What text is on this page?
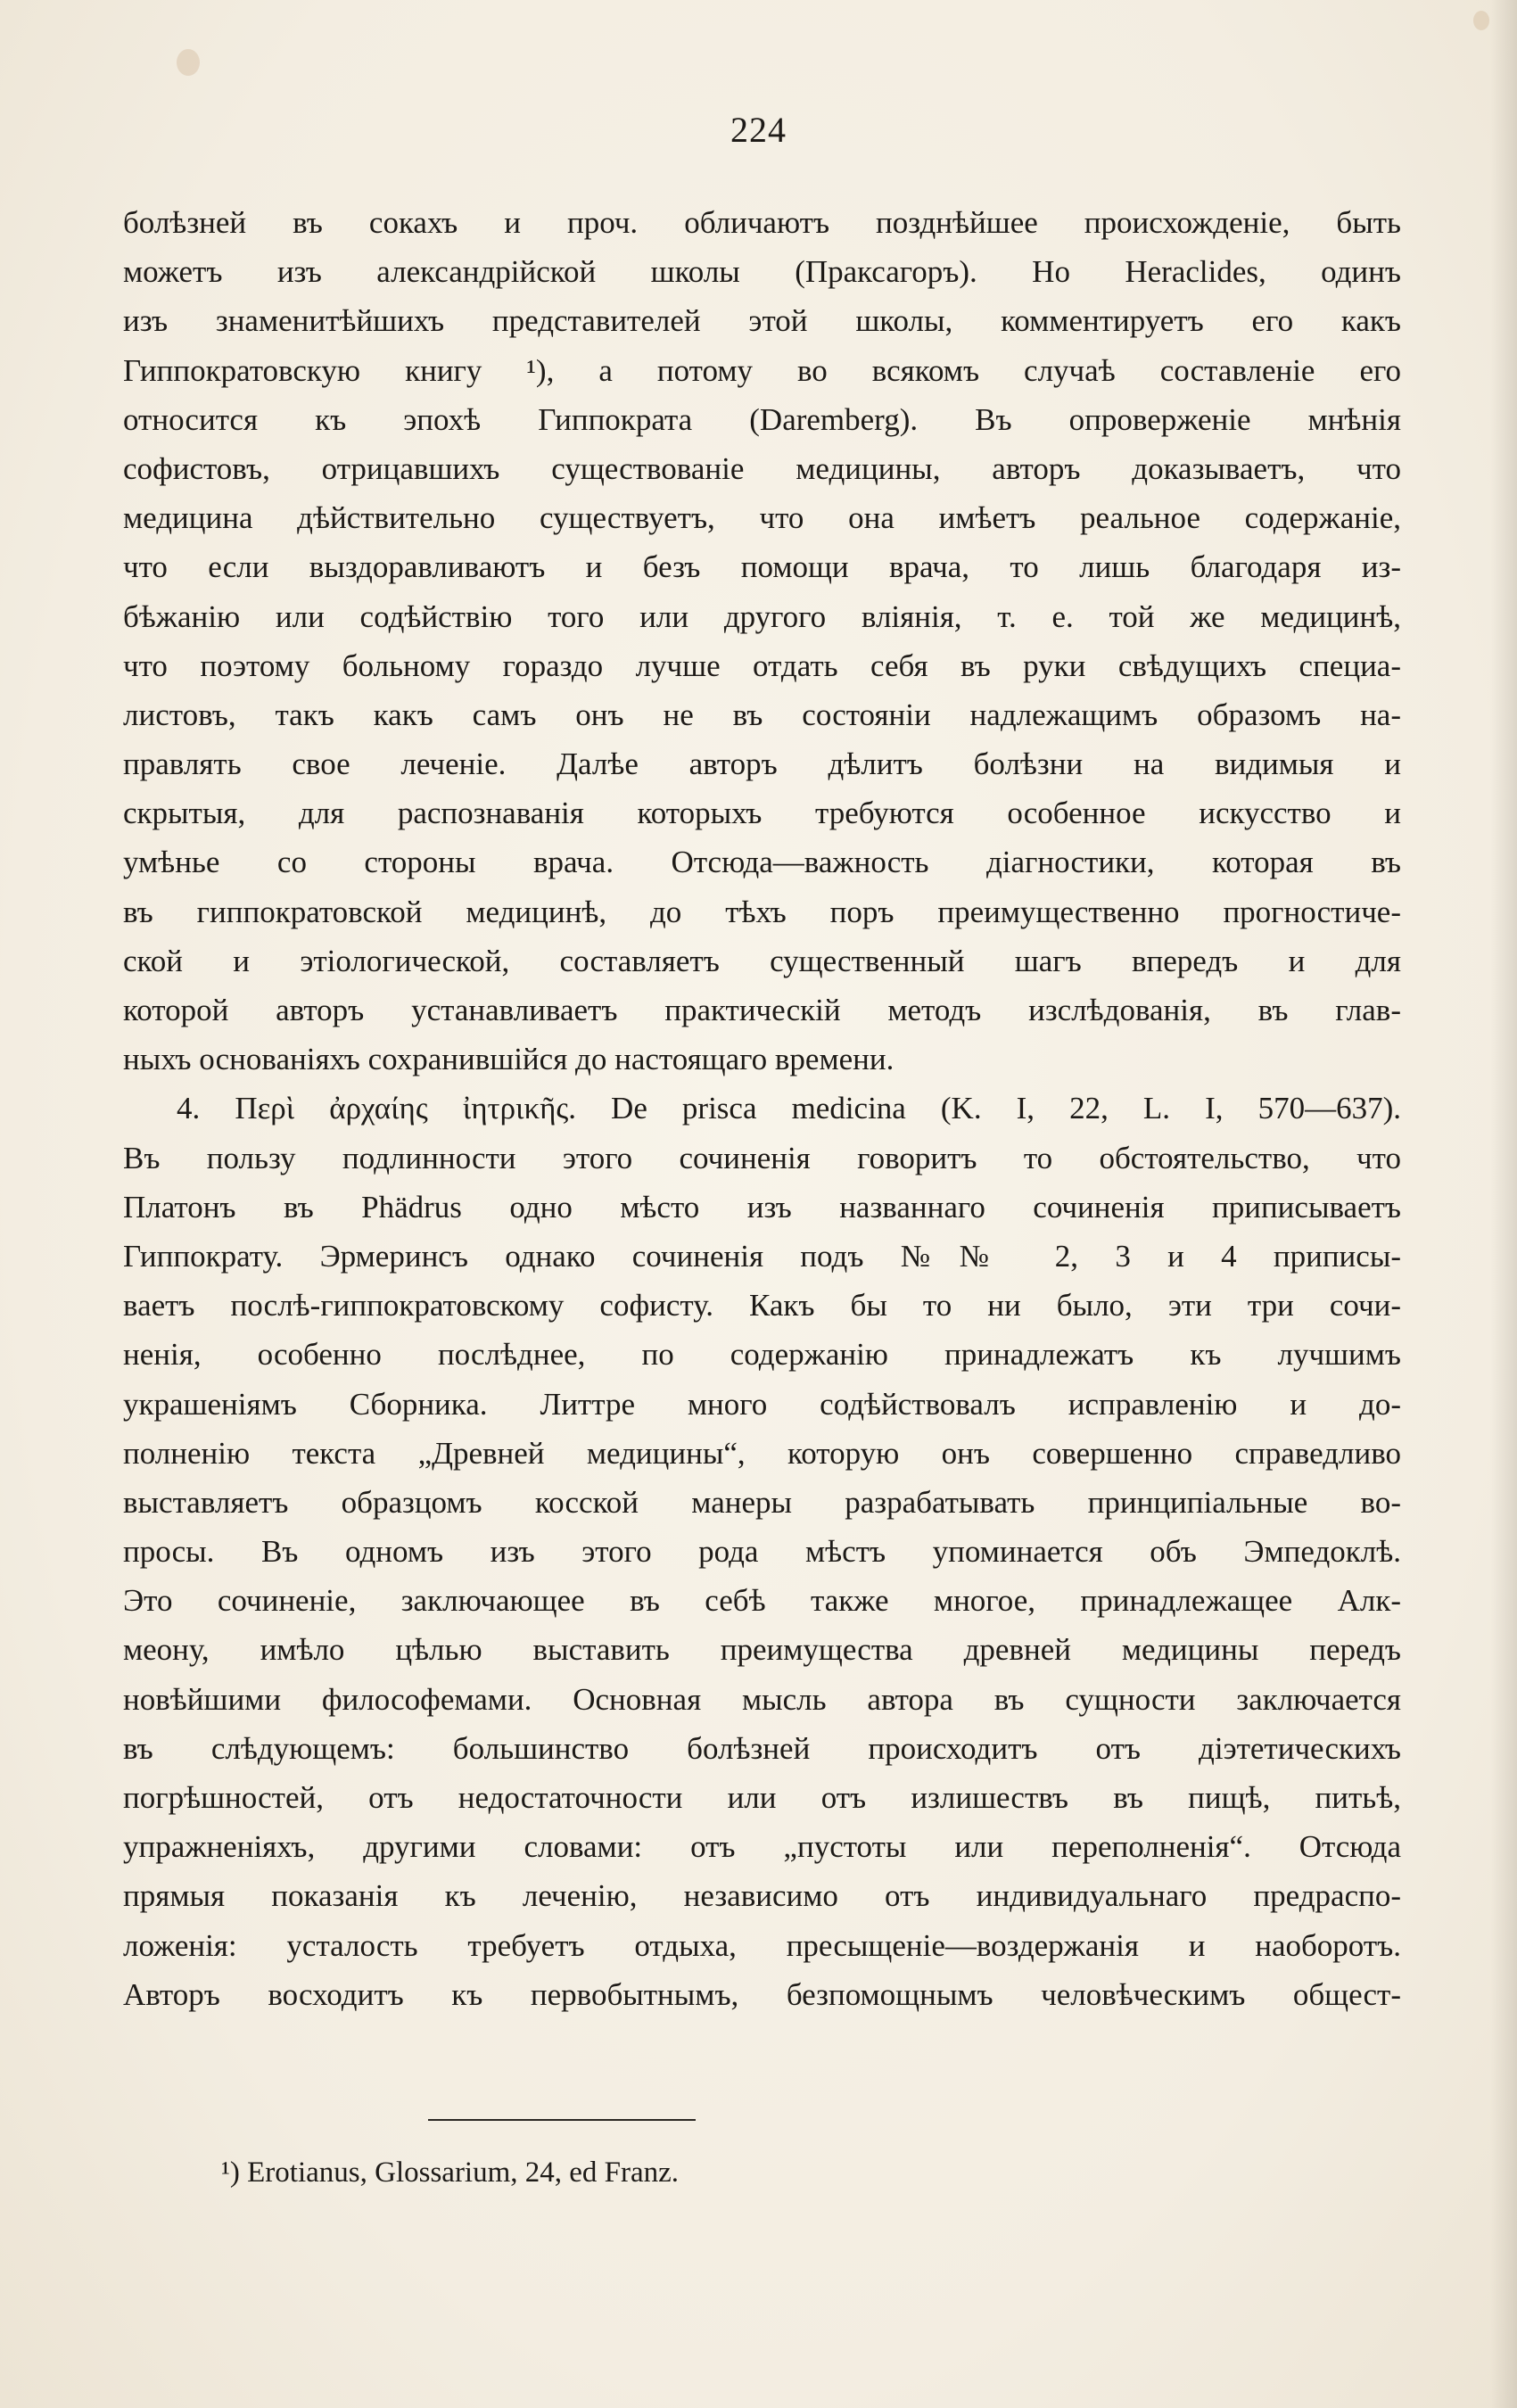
224
болѣзней въ сокахъ и проч. обличаютъ позднѣйшее происхожденіе, быть
можетъ изъ александрійской школы (Праксагоръ). Но Heraclides, одинъ
изъ знаменитѣйшихъ представителей этой школы, комментируетъ его какъ
Гиппократовскую книгу ¹), а потому во всякомъ случаѣ составленіе его
относится къ эпохѣ Гиппократа (Daremberg). Въ опроверженіе мнѣнія
софистовъ, отрицавшихъ существованіе медицины, авторъ доказываетъ, что
медицина дѣйствительно существуетъ, что она имѣетъ реальное содержаніе,
что если выздоравливаютъ и безъ помощи врача, то лишь благодаря из-
бѣжанію или содѣйствію того или другого вліянія, т. е. той же медицинѣ,
что поэтому больному гораздо лучше отдать себя въ руки свѣдущихъ специа-
листовъ, такъ какъ самъ онъ не въ состояніи надлежащимъ образомъ на-
правлять свое леченіе. Далѣе авторъ дѣлитъ болѣзни на видимыя и
скрытыя, для распознаванія которыхъ требуются особенное искусство и
умѣнье со стороны врача. Отсюда—важность діагностики, которая въ
въ гиппократовской медицинѣ, до тѣхъ поръ преимущественно прогностиче-
ской и этіологической, составляетъ существенный шагъ впередъ и для
которой авторъ устанавливаетъ практическій методъ изслѣдованія, въ глав-
ныхъ основаніяхъ сохранившійся до настоящаго времени.
4. Περὶ ἀρχαίης ἰητρικῆς. De prisca medicina (K. I, 22, L. I, 570—637).
Въ пользу подлинности этого сочиненія говоритъ то обстоятельство, что
Платонъ въ Phädrus одно мѣсто изъ названнаго сочиненія приписываетъ
Гиппократу. Эрмеринсъ однако сочиненія подъ №№ 2, 3 и 4 приписы-
ваетъ послѣ-гиппократовскому софисту. Какъ бы то ни было, эти три сочи-
ненія, особенно послѣднее, по содержанію принадлежатъ къ лучшимъ
украшеніямъ Сборника. Литтре много содѣйствовалъ исправленію и до-
полненію текста „Древней медицины“, которую онъ совершенно справедливо
выставляетъ образцомъ косской манеры разрабатывать принципіальные во-
просы. Въ одномъ изъ этого рода мѣстъ упоминается объ Эмпедоклѣ.
Это сочиненіе, заключающее въ себѣ также многое, принадлежащее Алк-
меону, имѣло цѣлью выставить преимущества древней медицины передъ
новѣйшими философемами. Основная мысль автора въ сущности заключается
въ слѣдующемъ: большинство болѣзней происходитъ отъ діэтетическихъ
погрѣшностей, отъ недостаточности или отъ излишествъ въ пищѣ, питьѣ,
упражненіяхъ, другими словами: отъ „пустоты или переполненія“. Отсюда
прямыя показанія къ леченію, независимо отъ индивидуальнаго предраспо-
ложенія: усталость требуетъ отдыха, пресыщеніе—воздержанія и наоборотъ.
Авторъ восходитъ къ первобытнымъ, безпомощнымъ человѣческимъ общест-
¹) Erotianus, Glossarium, 24, ed Franz.
